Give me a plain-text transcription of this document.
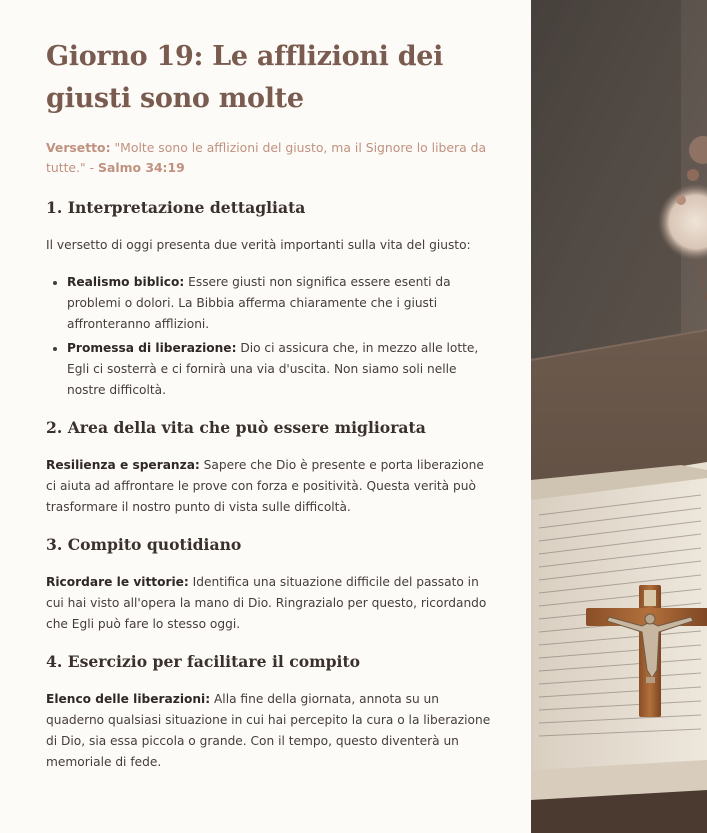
Giorno 19: Le afflizioni dei giusti sono molte

Versetto: "Molte sono le afflizioni del giusto, ma il Signore lo libera da tutte." - Salmo 34:19

1. Interpretazione dettagliata

Il versetto di oggi presenta due verità importanti sulla vita del giusto:

• Realismo biblico: Essere giusti non significa essere esenti da problemi o dolori. La Bibbia afferma chiaramente che i giusti affronteranno afflizioni.
• Promessa di liberazione: Dio ci assicura che, in mezzo alle lotte, Egli ci sosterrà e ci fornirà una via d'uscita. Non siamo soli nelle nostre difficoltà.
2. Area della vita che può essere migliorata

Resilienza e speranza: Sapere che Dio è presente e porta liberazione ci aiuta ad affrontare le prove con forza e positività. Questa verità può trasformare il nostro punto di vista sulle difficoltà.

3. Compito quotidiano

Ricordare le vittorie: Identifica una situazione difficile del passato in cui hai visto all'opera la mano di Dio. Ringrazialo per questo, ricordando che Egli può fare lo stesso oggi.

4. Esercizio per facilitare il compito

Elenco delle liberazioni: Alla fine della giornata, annota su un quaderno qualsiasi situazione in cui hai percepito la cura o la liberazione di Dio, sia essa piccola o grande. Con il tempo, questo diventerà un memoriale di fede.
